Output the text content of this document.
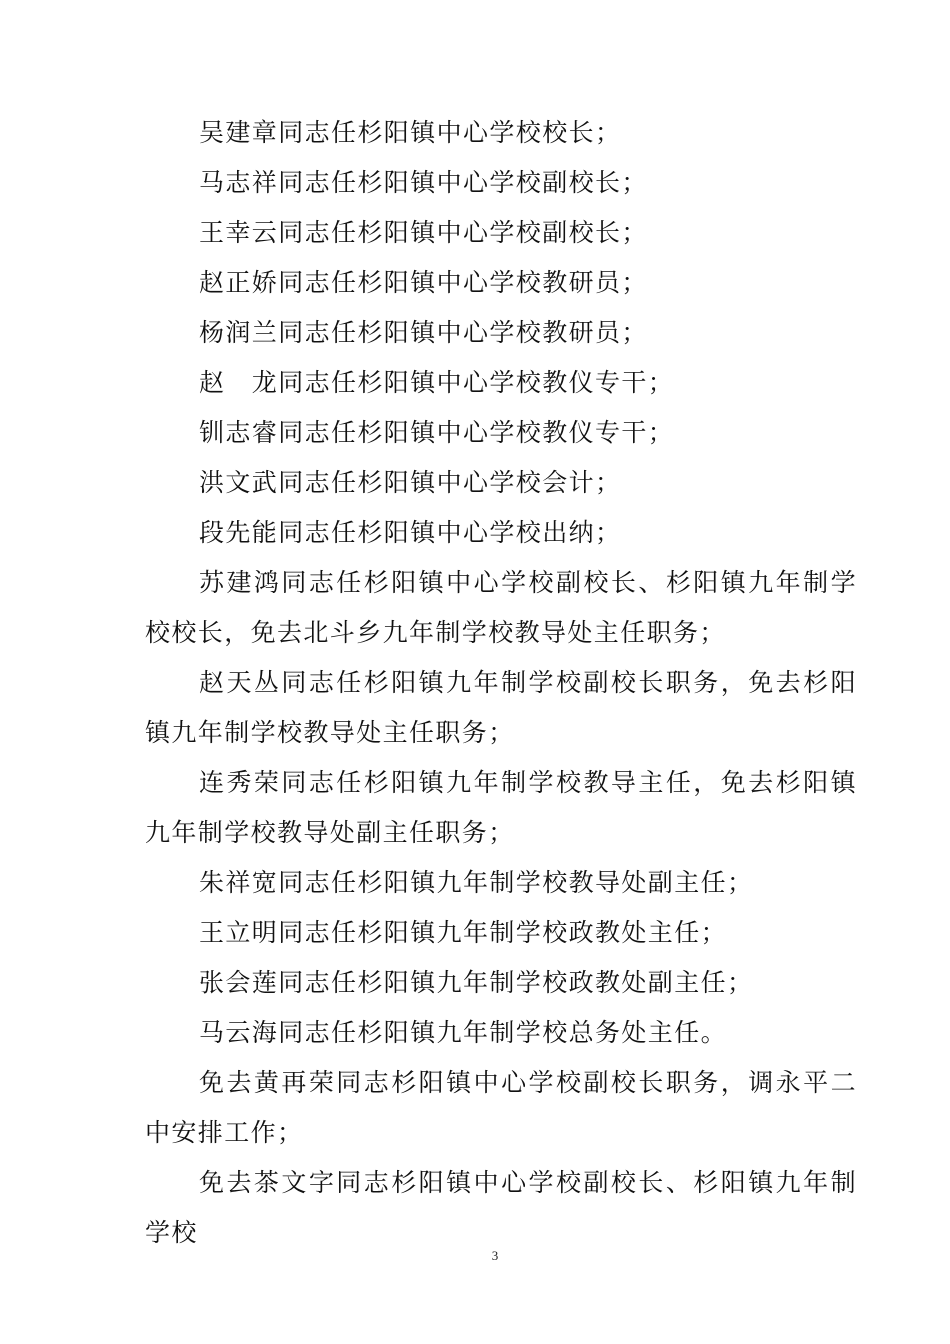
吴建章同志任杉阳镇中心学校校长；

马志祥同志任杉阳镇中心学校副校长；

王幸云同志任杉阳镇中心学校副校长；

赵正娇同志任杉阳镇中心学校教研员；

杨润兰同志任杉阳镇中心学校教研员；

赵　龙同志任杉阳镇中心学校教仪专干；

钏志睿同志任杉阳镇中心学校教仪专干；

洪文武同志任杉阳镇中心学校会计；

段先能同志任杉阳镇中心学校出纳；

苏建鸿同志任杉阳镇中心学校副校长、杉阳镇九年制学校校长，免去北斗乡九年制学校教导处主任职务；

赵天丛同志任杉阳镇九年制学校副校长职务，免去杉阳镇九年制学校教导处主任职务；

连秀荣同志任杉阳镇九年制学校教导主任，免去杉阳镇九年制学校教导处副主任职务；

朱祥宽同志任杉阳镇九年制学校教导处副主任；

王立明同志任杉阳镇九年制学校政教处主任；

张会莲同志任杉阳镇九年制学校政教处副主任；

马云海同志任杉阳镇九年制学校总务处主任。

免去黄再荣同志杉阳镇中心学校副校长职务，调永平二中安排工作；

免去茶文字同志杉阳镇中心学校副校长、杉阳镇九年制学校

3
